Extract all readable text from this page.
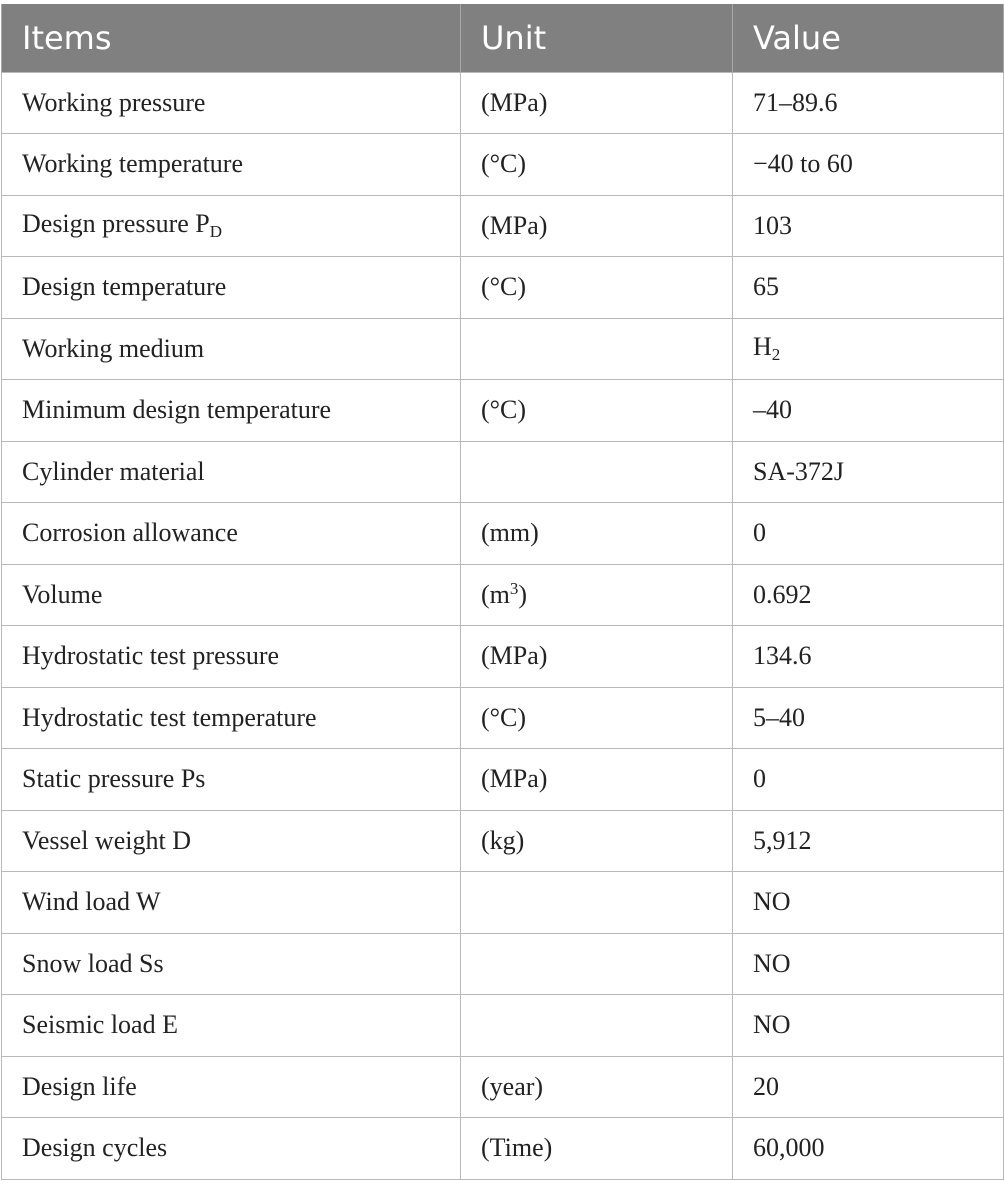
Items	Unit	Value
Working pressure	(MPa)	71–89.6
Working temperature	(°C)	−40 to 60
Design pressure $P_D$	(MPa)	103
Design temperature	(°C)	65
Working medium		$H_2$
Minimum design temperature	(°C)	–40
Cylinder material		SA-372J
Corrosion allowance	(mm)	0
Volume	$(m^3)$	0.692
Hydrostatic test pressure	(MPa)	134.6
Hydrostatic test temperature	(°C)	5–40
Static pressure Ps	(MPa)	0
Vessel weight D	(kg)	5,912
Wind load W		NO
Snow load Ss		NO
Seismic load E		NO
Design life	(year)	20
Design cycles	(Time)	60,000
